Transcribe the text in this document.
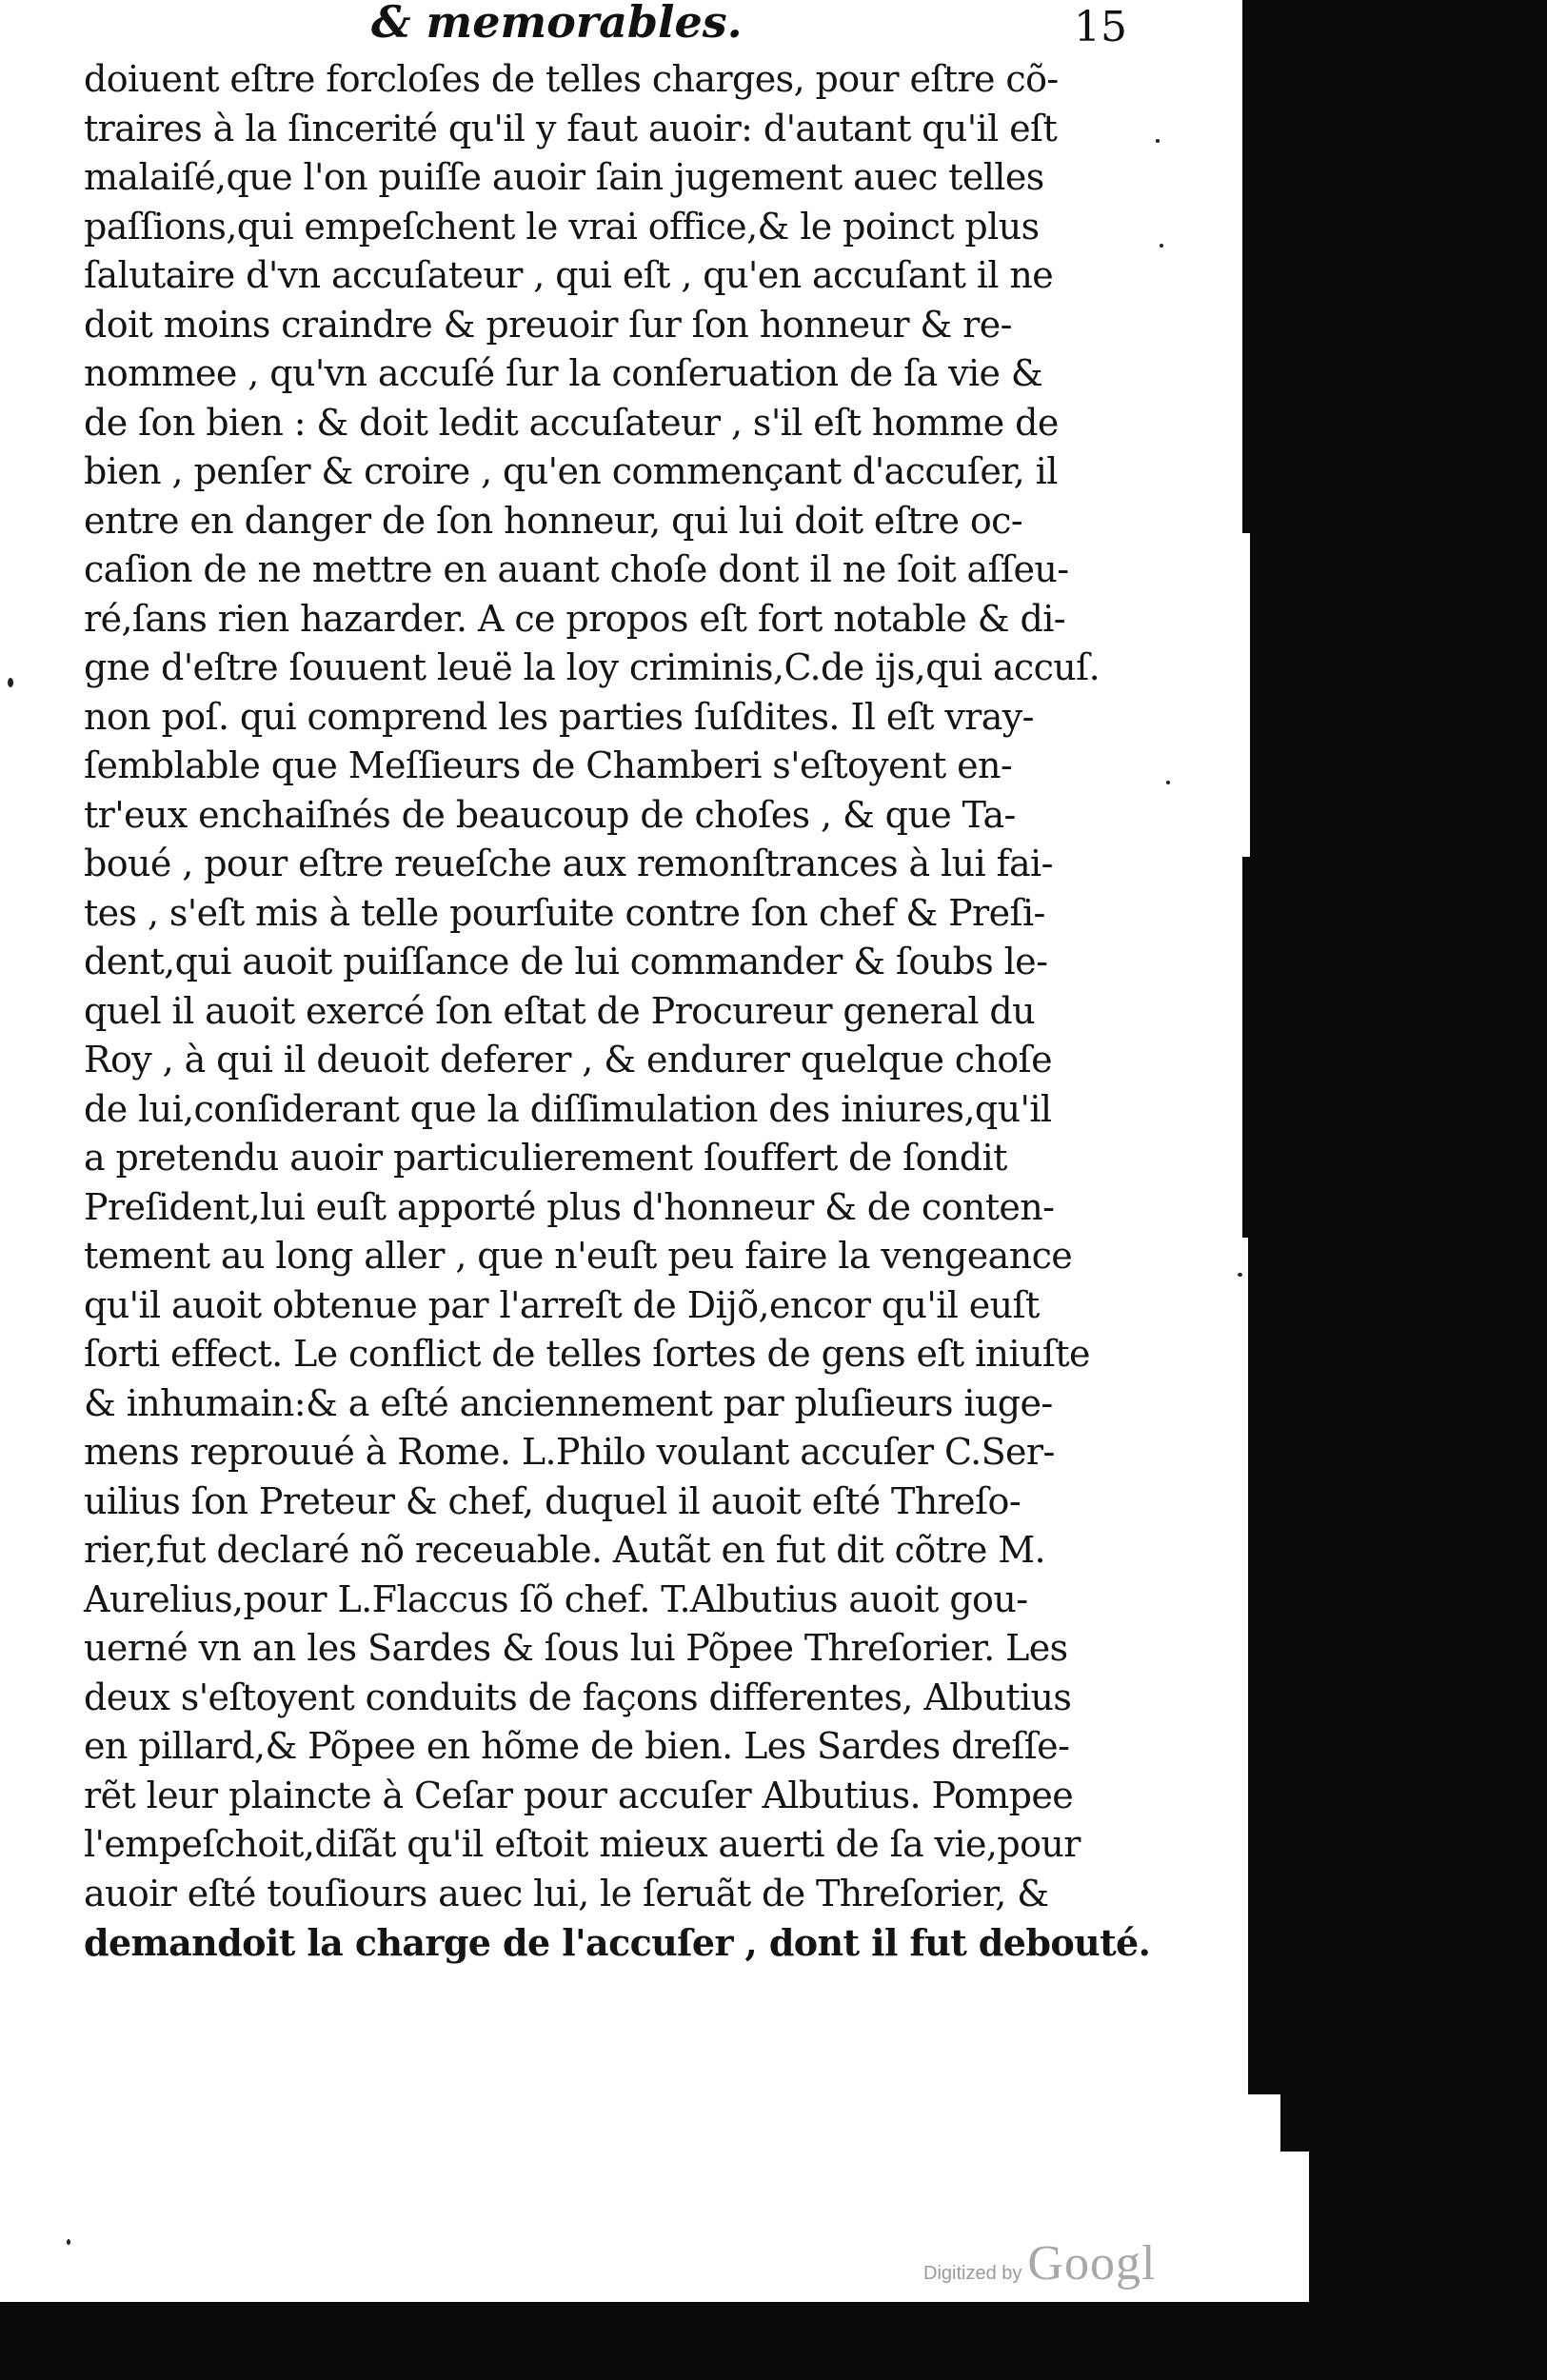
& memorables.	15
doiuent eſtre forcloſes de telles charges, pour eſtre cõ-
traires à la ſincerité qu'il y faut auoir: d'autant qu'il eſt
malaiſé,que l'on puiſſe auoir ſain jugement auec telles
paſſions,qui empeſchent le vrai office,& le poinct plus
ſalutaire d'vn accuſateur , qui eſt , qu'en accuſant il ne
doit moins craindre & preuoir ſur ſon honneur & re-
nommee , qu'vn accuſé ſur la conſeruation de ſa vie &
de ſon bien : & doit ledit accuſateur , s'il eſt homme de
bien , penſer & croire , qu'en commençant d'accuſer, il
entre en danger de ſon honneur, qui lui doit eſtre oc-
caſion de ne mettre en auant choſe dont il ne ſoit aſſeu-
ré,ſans rien hazarder. A ce propos eſt fort notable & di-
gne d'eſtre ſouuent leuë la loy criminis,C.de ijs,qui accuſ.
non poſ. qui comprend les parties ſuſdites. Il eſt vray-
ſemblable que Meſſieurs de Chamberi s'eſtoyent en-
tr'eux enchaiſnés de beaucoup de choſes , & que Ta-
boué , pour eſtre reueſche aux remonſtrances à lui fai-
tes , s'eſt mis à telle pourſuite contre ſon chef & Preſi-
dent,qui auoit puiſſance de lui commander & ſoubs le-
quel il auoit exercé ſon eſtat de Procureur general du
Roy , à qui il deuoit deferer , & endurer quelque choſe
de lui,conſiderant que la diſſimulation des iniures,qu'il
a pretendu auoir particulierement ſouffert de ſondit
Preſident,lui euſt apporté plus d'honneur & de conten-
tement au long aller , que n'euſt peu faire la vengeance
qu'il auoit obtenue par l'arreſt de Dijõ,encor qu'il euſt
ſorti effect. Le conflict de telles ſortes de gens eſt iniuſte
& inhumain:& a eſté anciennement par pluſieurs iuge-
mens reprouué à Rome. L.Philo voulant accuſer C.Ser-
uilius ſon Preteur & chef, duquel il auoit eſté Threſo-
rier,fut declaré nõ receuable. Autãt en fut dit cõtre M.
Aurelius,pour L.Flaccus ſõ chef. T.Albutius auoit gou-
uerné vn an les Sardes & ſous lui Põpee Threſorier. Les
deux s'eſtoyent conduits de façons differentes, Albutius
en pillard,& Põpee en hõme de bien. Les Sardes dreſſe-
rẽt leur plaincte à Ceſar pour accuſer Albutius. Pompee
l'empeſchoit,diſãt qu'il eſtoit mieux auerti de ſa vie,pour
auoir eſté touſiours auec lui, le ſeruãt de Threſorier, &
demandoit la charge de l'accuſer , dont il fut debouté.
Digitized by Googl
